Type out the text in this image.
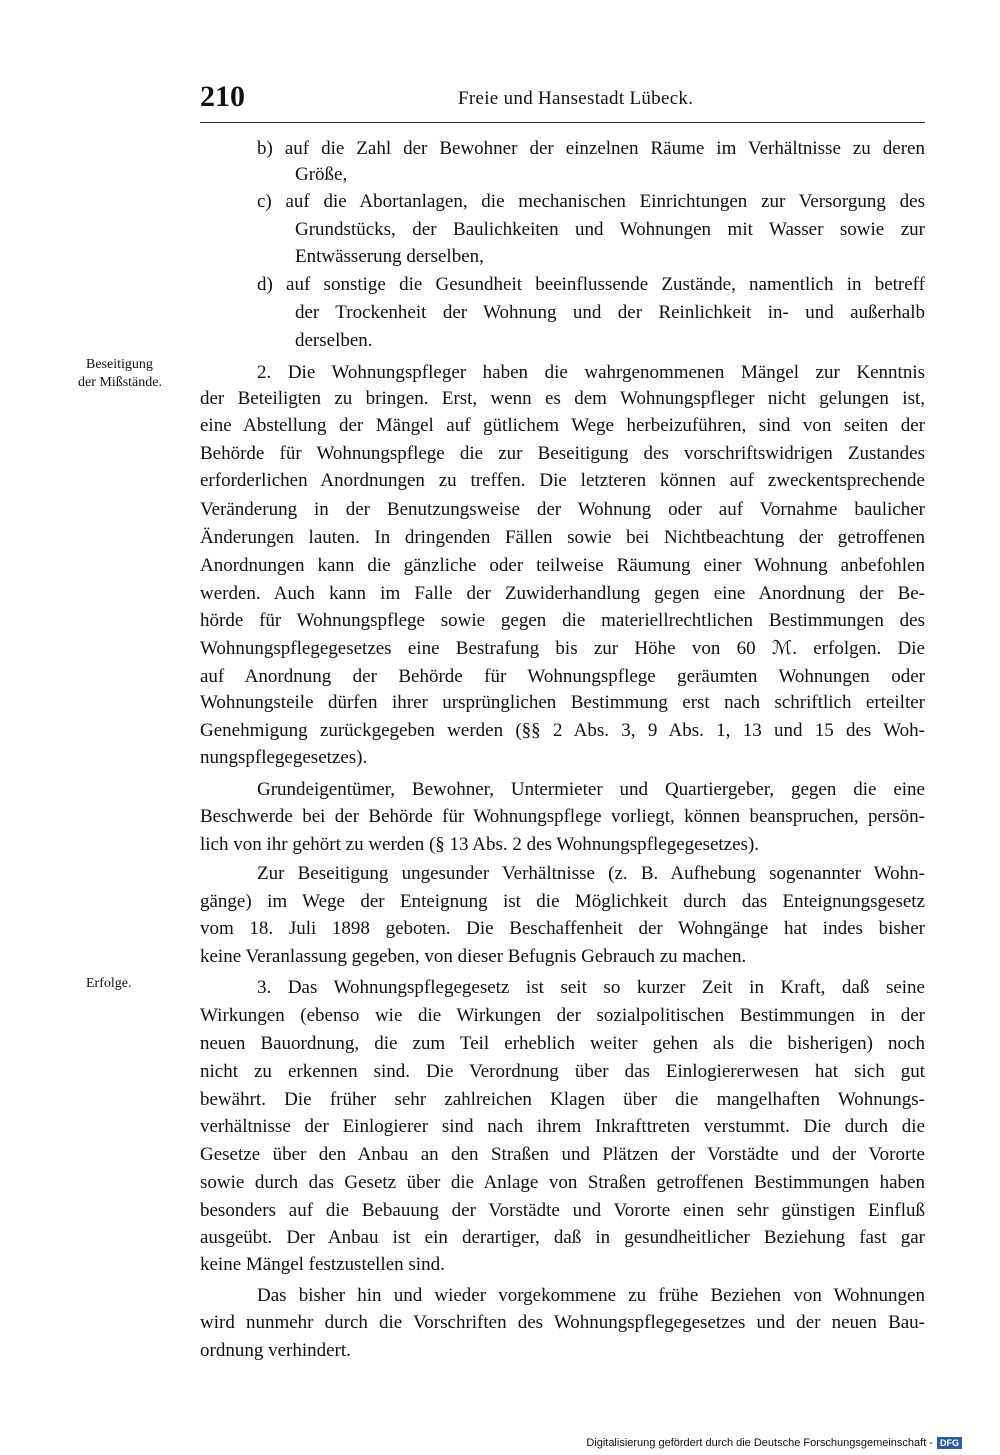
210	Freie und Hansestadt Lübeck.
Beseitigung
der Mißstände.
Erfolge.
b) auf die Zahl der Bewohner der einzelnen Räume im Verhältnisse zu deren
Größe,
c) auf die Abortanlagen, die mechanischen Einrichtungen zur Versorgung des
Grundstücks, der Baulichkeiten und Wohnungen mit Wasser sowie zur
Entwässerung derselben,
d) auf sonstige die Gesundheit beeinflussende Zustände, namentlich in betreff
der Trockenheit der Wohnung und der Reinlichkeit in- und außerhalb
derselben.
2. Die Wohnungspfleger haben die wahrgenommenen Mängel zur Kenntnis
der Beteiligten zu bringen. Erst, wenn es dem Wohnungspfleger nicht gelungen ist,
eine Abstellung der Mängel auf gütlichem Wege herbeizuführen, sind von seiten der
Behörde für Wohnungspflege die zur Beseitigung des vorschriftswidrigen Zustandes
erforderlichen Anordnungen zu treffen. Die letzteren können auf zweckentsprechende
Veränderung in der Benutzungsweise der Wohnung oder auf Vornahme baulicher
Änderungen lauten. In dringenden Fällen sowie bei Nichtbeachtung der getroffenen
Anordnungen kann die gänzliche oder teilweise Räumung einer Wohnung anbefohlen
werden. Auch kann im Falle der Zuwiderhandlung gegen eine Anordnung der Be-
hörde für Wohnungspflege sowie gegen die materiellrechtlichen Bestimmungen des
Wohnungspflegegesetzes eine Bestrafung bis zur Höhe von 60 ℳ. erfolgen. Die
auf Anordnung der Behörde für Wohnungspflege geräumten Wohnungen oder
Wohnungsteile dürfen ihrer ursprünglichen Bestimmung erst nach schriftlich erteilter
Genehmigung zurückgegeben werden (§§ 2 Abs. 3, 9 Abs. 1, 13 und 15 des Woh-
nungspflegegesetzes).
Grundeigentümer, Bewohner, Untermieter und Quartiergeber, gegen die eine
Beschwerde bei der Behörde für Wohnungspflege vorliegt, können beanspruchen, persön-
lich von ihr gehört zu werden (§ 13 Abs. 2 des Wohnungspflegegesetzes).
Zur Beseitigung ungesunder Verhältnisse (z. B. Aufhebung sogenannter Wohn-
gänge) im Wege der Enteignung ist die Möglichkeit durch das Enteignungsgesetz
vom 18. Juli 1898 geboten. Die Beschaffenheit der Wohngänge hat indes bisher
keine Veranlassung gegeben, von dieser Befugnis Gebrauch zu machen.
3. Das Wohnungspflegegesetz ist seit so kurzer Zeit in Kraft, daß seine
Wirkungen (ebenso wie die Wirkungen der sozialpolitischen Bestimmungen in der
neuen Bauordnung, die zum Teil erheblich weiter gehen als die bisherigen) noch
nicht zu erkennen sind. Die Verordnung über das Einlogiererwesen hat sich gut
bewährt. Die früher sehr zahlreichen Klagen über die mangelhaften Wohnungs-
verhältnisse der Einlogierer sind nach ihrem Inkrafttreten verstummt. Die durch die
Gesetze über den Anbau an den Straßen und Plätzen der Vorstädte und der Vororte
sowie durch das Gesetz über die Anlage von Straßen getroffenen Bestimmungen haben
besonders auf die Bebauung der Vorstädte und Vororte einen sehr günstigen Einfluß
ausgeübt. Der Anbau ist ein derartiger, daß in gesundheitlicher Beziehung fast gar
keine Mängel festzustellen sind.
Das bisher hin und wieder vorgekommene zu frühe Beziehen von Wohnungen
wird nunmehr durch die Vorschriften des Wohnungspflegegesetzes und der neuen Bau-
ordnung verhindert.
Digitalisierung gefördert durch die Deutsche Forschungsgemeinschaft - DFG
